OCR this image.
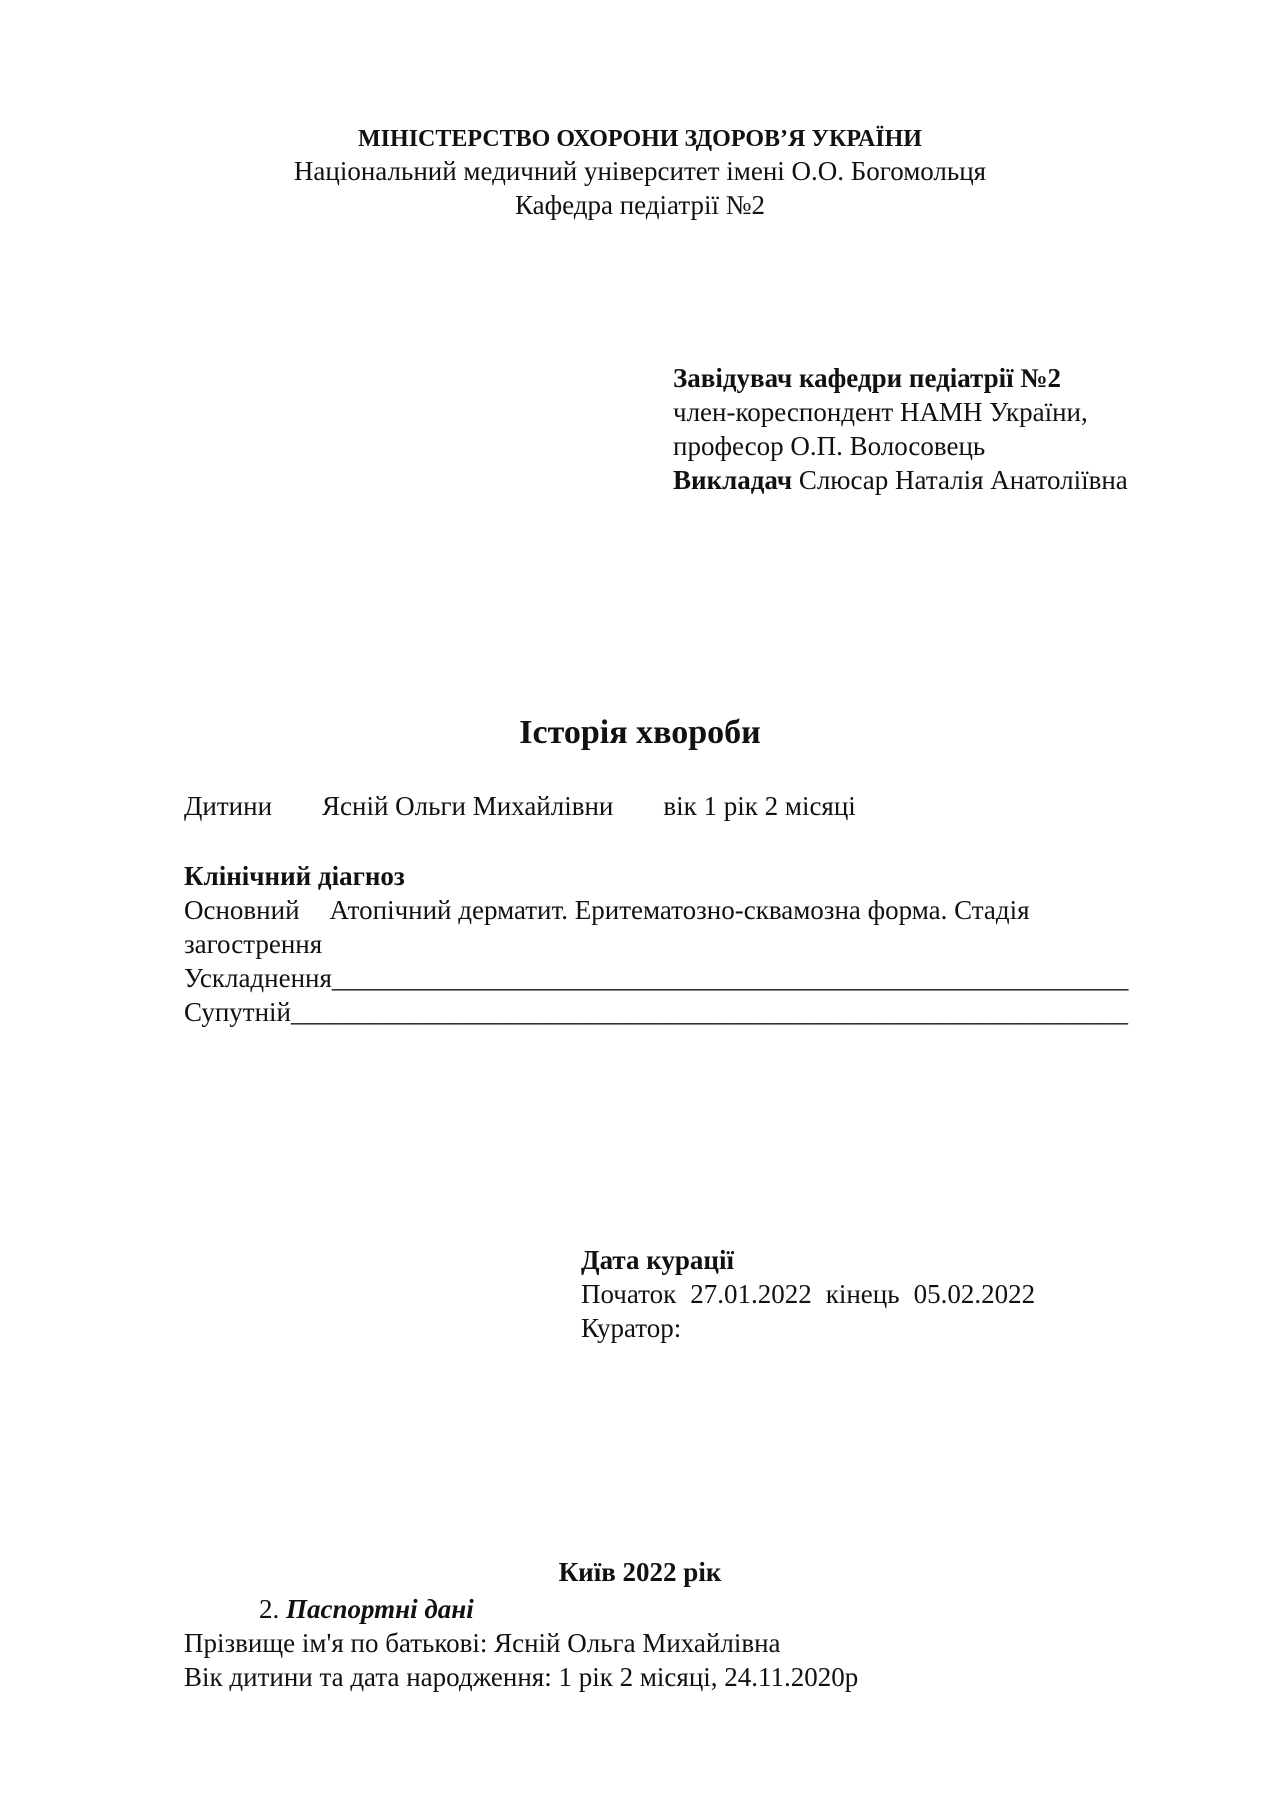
МІНІСТЕРСТВО ОХОРОНИ ЗДОРОВ’Я УКРАЇНИ
Національний медичний університет імені О.О. Богомольця
Кафедра педіатрії №2
Завідувач кафедри педіатрії №2
член-кореспондент НАМН України,
професор О.П. Волосовець
Викладач Слюсар Наталія Анатоліївна
Історія хвороби
Дитини Ясній Ольги Михайлівни вік 1 рік 2 місяці
Клінічний діагноз
Основний Атопічний дерматит. Еритематозно-сквамозна форма. Стадія
загострення
Ускладнення___________________________________________________________
Супутній______________________________________________________________
Дата курації
Початок 27.01.2022 кінець 05.02.2022
Куратор:
Київ 2022 рік
2. Паспортні дані
Прізвище ім'я по батькові: Ясній Ольга Михайлівна
Вік дитини та дата народження: 1 рік 2 місяці, 24.11.2020р
